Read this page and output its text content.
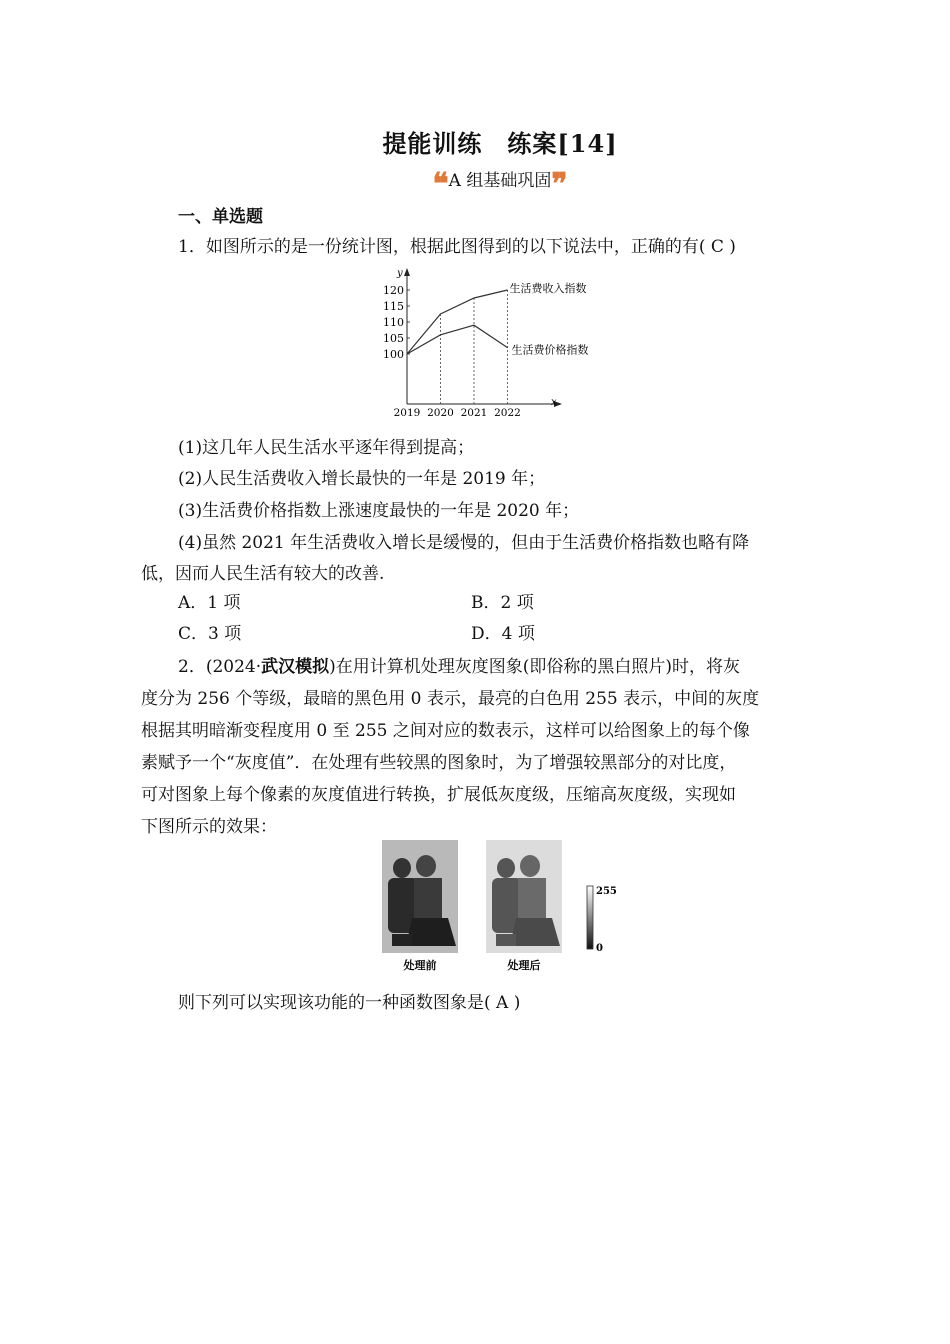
提能训练　练案[14]
❝A 组基础巩固❞
一、单选题
1．如图所示的是一份统计图，根据此图得到的以下说法中，正确的有( C )
y
x
100
105
110
115
120
2019 2020 2021 2022
生活费收入指数
生活费价格指数
(1)这几年人民生活水平逐年得到提高；
(2)人民生活费收入增长最快的一年是 2019 年；
(3)生活费价格指数上涨速度最快的一年是 2020 年；
(4)虽然 2021 年生活费收入增长是缓慢的，但由于生活费价格指数也略有降
低，因而人民生活有较大的改善.
A．1 项	B．2 项
C．3 项	D．4 项
2．(2024·武汉模拟)在用计算机处理灰度图象(即俗称的黑白照片)时，将灰
度分为 256 个等级，最暗的黑色用 0 表示，最亮的白色用 255 表示，中间的灰度
根据其明暗渐变程度用 0 至 255 之间对应的数表示，这样可以给图象上的每个像
素赋予一个“灰度值”．在处理有些较黑的图象时，为了增强较黑部分的对比度，
可对图象上每个像素的灰度值进行转换，扩展低灰度级，压缩高灰度级，实现如
下图所示的效果：
处理前	处理后
255
0
则下列可以实现该功能的一种函数图象是( A )
